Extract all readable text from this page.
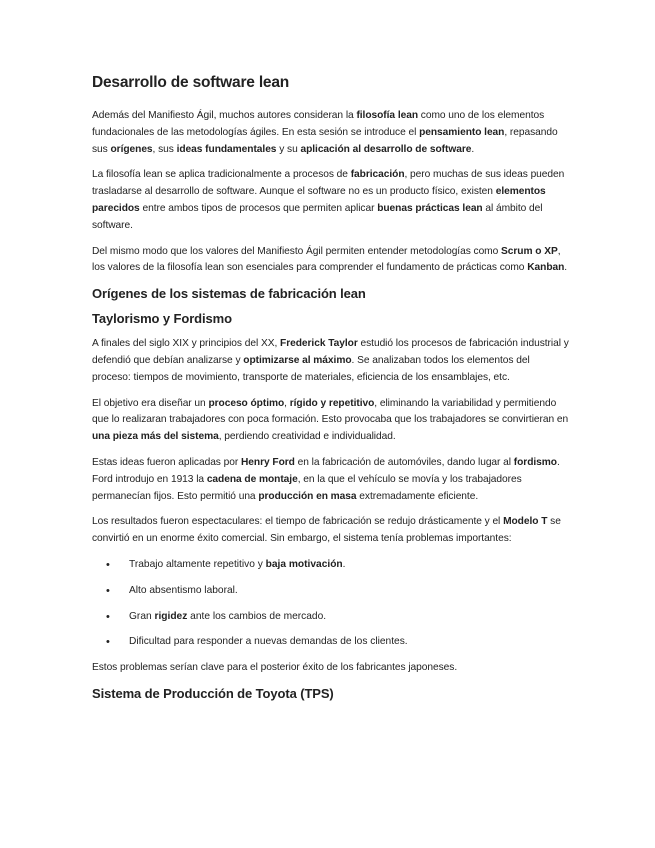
Desarrollo de software lean

Además del Manifiesto Ágil, muchos autores consideran la filosofía lean como uno de los elementos fundacionales de las metodologías ágiles. En esta sesión se introduce el pensamiento lean, repasando sus orígenes, sus ideas fundamentales y su aplicación al desarrollo de software.

La filosofía lean se aplica tradicionalmente a procesos de fabricación, pero muchas de sus ideas pueden trasladarse al desarrollo de software. Aunque el software no es un producto físico, existen elementos parecidos entre ambos tipos de procesos que permiten aplicar buenas prácticas lean al ámbito del software.

Del mismo modo que los valores del Manifiesto Ágil permiten entender metodologías como Scrum o XP, los valores de la filosofía lean son esenciales para comprender el fundamento de prácticas como Kanban.

Orígenes de los sistemas de fabricación lean
Taylorismo y Fordismo

A finales del siglo XIX y principios del XX, Frederick Taylor estudió los procesos de fabricación industrial y defendió que debían analizarse y optimizarse al máximo. Se analizaban todos los elementos del proceso: tiempos de movimiento, transporte de materiales, eficiencia de los ensamblajes, etc.

El objetivo era diseñar un proceso óptimo, rígido y repetitivo, eliminando la variabilidad y permitiendo que lo realizaran trabajadores con poca formación. Esto provocaba que los trabajadores se convirtieran en una pieza más del sistema, perdiendo creatividad e individualidad.

Estas ideas fueron aplicadas por Henry Ford en la fabricación de automóviles, dando lugar al fordismo. Ford introdujo en 1913 la cadena de montaje, en la que el vehículo se movía y los trabajadores permanecían fijos. Esto permitió una producción en masa extremadamente eficiente.

Los resultados fueron espectaculares: el tiempo de fabricación se redujo drásticamente y el Modelo T se convirtió en un enorme éxito comercial. Sin embargo, el sistema tenía problemas importantes:

• Trabajo altamente repetitivo y baja motivación.
• Alto absentismo laboral.
• Gran rigidez ante los cambios de mercado.
• Dificultad para responder a nuevas demandas de los clientes.

Estos problemas serían clave para el posterior éxito de los fabricantes japoneses.

Sistema de Producción de Toyota (TPS)
